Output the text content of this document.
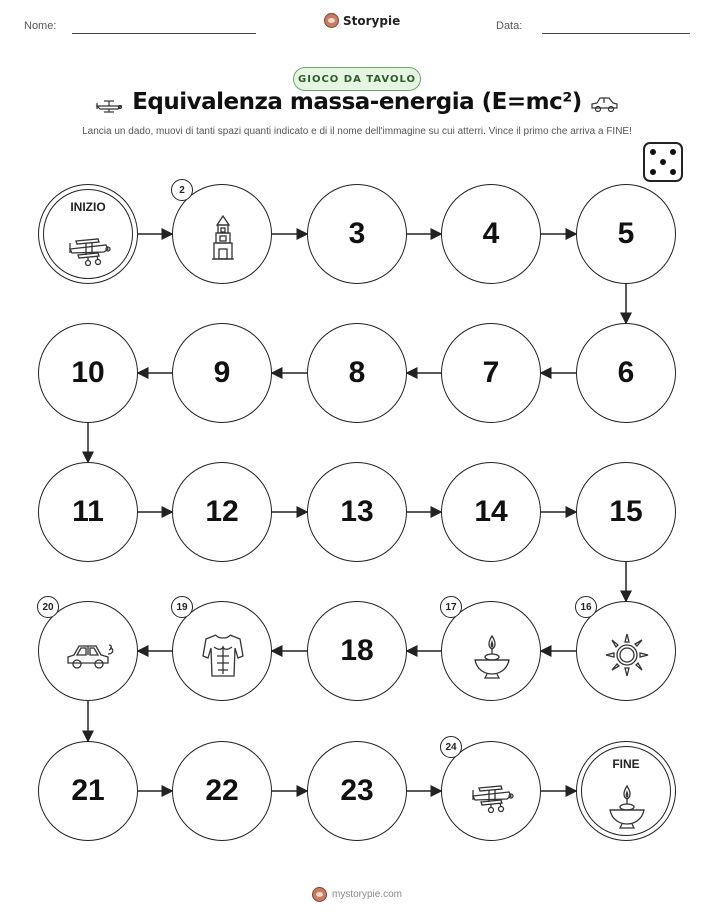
Nome:	Storypie	Data:
GIOCO DA TAVOLO
Equivalenza massa-energia (E=mc²)
Lancia un dado, muovi di tanti spazi quanti indicato e di il nome dell'immagine su cui atterri. Vince il primo che arriva a FINE!
INIZIO
2
3	4	5
6
7
8
9
10
11	12	13	14	15
16
17
18
19
20
21	22	23
24
FINE
mystorypie.com
